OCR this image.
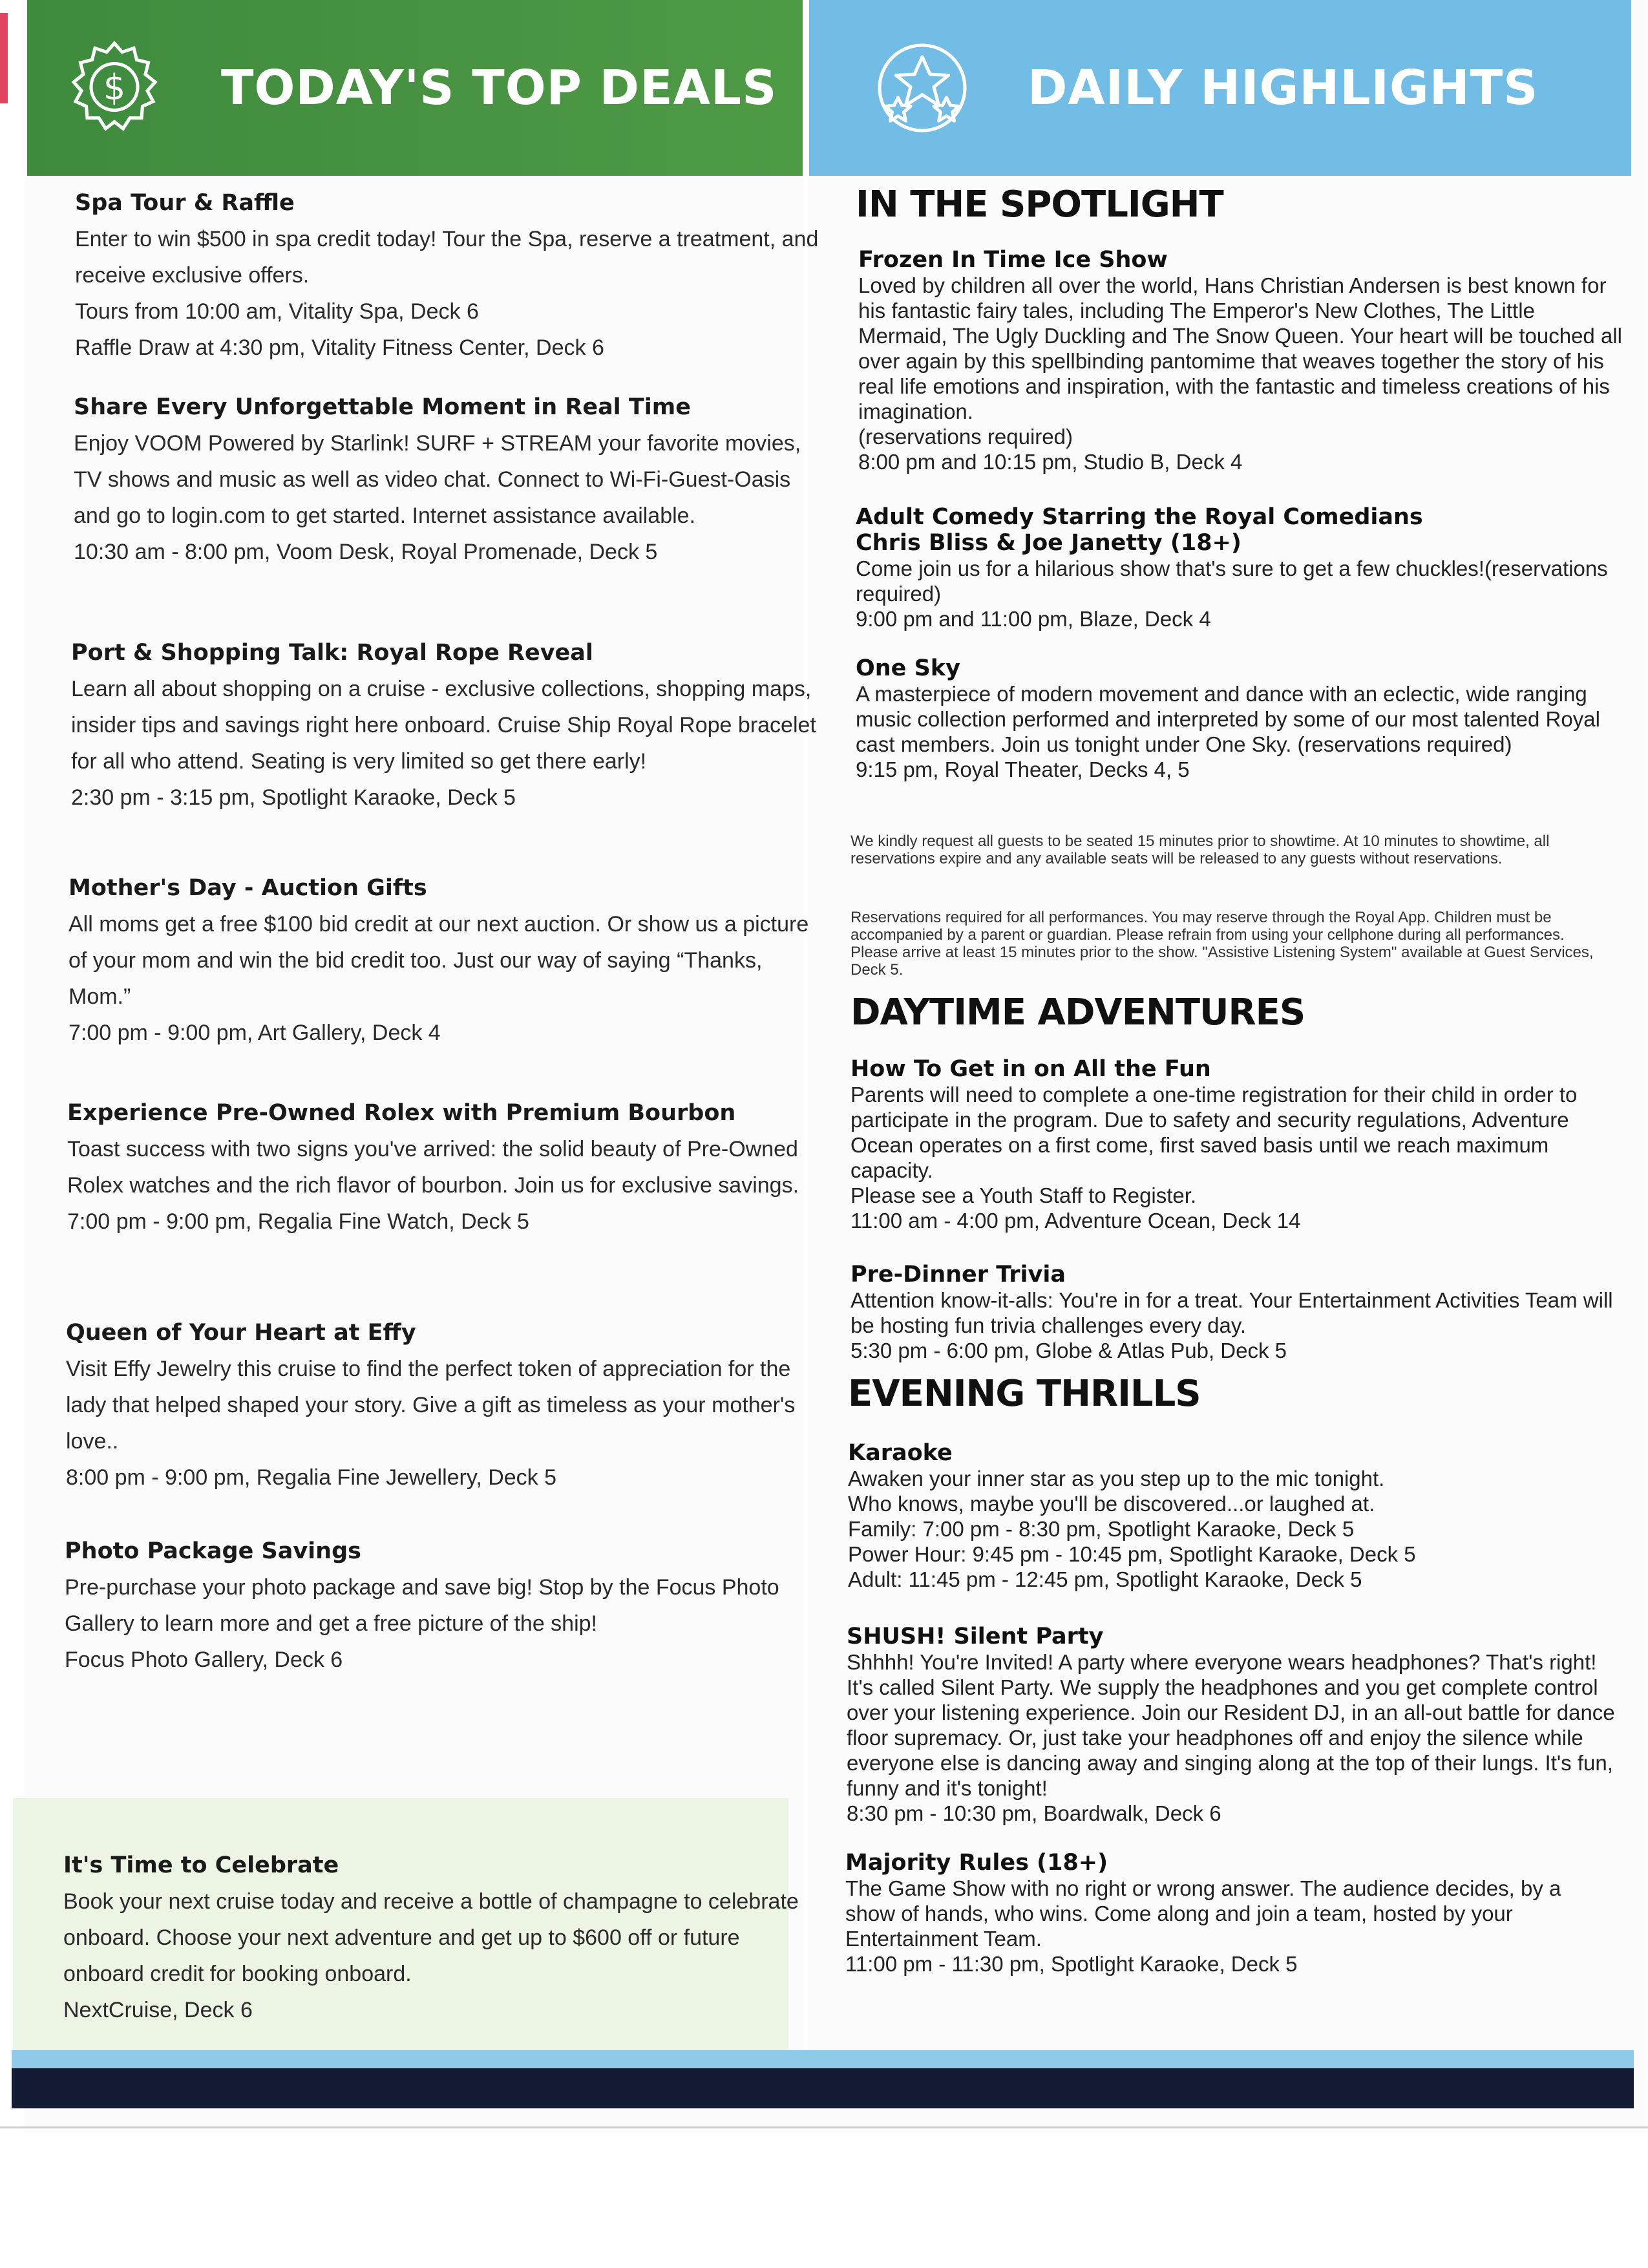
$ TODAY'S TOP DEALS	DAILY HIGHLIGHTS
Spa Tour & Raffle

Enter to win $500 in spa credit today! Tour the Spa, reserve a treatment, and receive exclusive offers.

Tours from 10:00 am, Vitality Spa, Deck 6
Raffle Draw at 4:30 pm, Vitality Fitness Center, Deck 6
Share Every Unforgettable Moment in Real Time

Enjoy VOOM Powered by Starlink! SURF + STREAM your favorite movies, TV shows and music as well as video chat. Connect to Wi-Fi-Guest-Oasis and go to login.com to get started. Internet assistance available.

10:30 am - 8:00 pm, Voom Desk, Royal Promenade, Deck 5
Port & Shopping Talk: Royal Rope Reveal

Learn all about shopping on a cruise - exclusive collections, shopping maps, insider tips and savings right here onboard. Cruise Ship Royal Rope bracelet for all who attend. Seating is very limited so get there early!

2:30 pm - 3:15 pm, Spotlight Karaoke, Deck 5
Mother's Day - Auction Gifts

All moms get a free $100 bid credit at our next auction. Or show us a picture of your mom and win the bid credit too. Just our way of saying “Thanks, Mom.”

7:00 pm - 9:00 pm, Art Gallery, Deck 4
Experience Pre-Owned Rolex with Premium Bourbon

Toast success with two signs you've arrived: the solid beauty of Pre-Owned Rolex watches and the rich flavor of bourbon. Join us for exclusive savings.

7:00 pm - 9:00 pm, Regalia Fine Watch, Deck 5
Queen of Your Heart at Effy

Visit Effy Jewelry this cruise to find the perfect token of appreciation for the lady that helped shaped your story. Give a gift as timeless as your mother's love..

8:00 pm - 9:00 pm, Regalia Fine Jewellery, Deck 5
Photo Package Savings

Pre-purchase your photo package and save big! Stop by the Focus Photo Gallery to learn more and get a free picture of the ship!

Focus Photo Gallery, Deck 6
It's Time to Celebrate

Book your next cruise today and receive a bottle of champagne to celebrate onboard. Choose your next adventure and get up to $600 off or future onboard credit for booking onboard.

NextCruise, Deck 6
IN THE SPOTLIGHT
Frozen In Time Ice Show

Loved by children all over the world, Hans Christian Andersen is best known for his fantastic fairy tales, including The Emperor's New Clothes, The Little Mermaid, The Ugly Duckling and The Snow Queen. Your heart will be touched all over again by this spellbinding pantomime that weaves together the story of his real life emotions and inspiration, with the fantastic and timeless creations of his imagination.

(reservations required)

8:00 pm and 10:15 pm, Studio B, Deck 4

Adult Comedy Starring the Royal Comedians
Chris Bliss & Joe Janetty (18+)

Come join us for a hilarious show that's sure to get a few chuckles!(reservations required)

9:00 pm and 11:00 pm, Blaze, Deck 4

One Sky

A masterpiece of modern movement and dance with an eclectic, wide ranging music collection performed and interpreted by some of our most talented Royal cast members. Join us tonight under One Sky. (reservations required)

9:15 pm, Royal Theater, Decks 4, 5

We kindly request all guests to be seated 15 minutes prior to showtime. At 10 minutes to showtime, all reservations expire and any available seats will be released to any guests without reservations.
Reservations required for all performances. You may reserve through the Royal App. Children must be accompanied by a parent or guardian. Please refrain from using your cellphone during all performances. Please arrive at least 15 minutes prior to the show. "Assistive Listening System" available at Guest Services, Deck 5.
DAYTIME ADVENTURES
How To Get in on All the Fun

Parents will need to complete a one-time registration for their child in order to participate in the program. Due to safety and security regulations, Adventure Ocean operates on a first come, first saved basis until we reach maximum capacity.

Please see a Youth Staff to Register.

11:00 am - 4:00 pm, Adventure Ocean, Deck 14

Pre-Dinner Trivia

Attention know-it-alls: You're in for a treat. Your Entertainment Activities Team will be hosting fun trivia challenges every day.

5:30 pm - 6:00 pm, Globe & Atlas Pub, Deck 5

EVENING THRILLS
Karaoke

Awaken your inner star as you step up to the mic tonight.

Who knows, maybe you'll be discovered...or laughed at.

Family: 7:00 pm - 8:30 pm, Spotlight Karaoke, Deck 5

Power Hour: 9:45 pm - 10:45 pm, Spotlight Karaoke, Deck 5

Adult: 11:45 pm - 12:45 pm, Spotlight Karaoke, Deck 5

SHUSH! Silent Party

Shhhh! You're Invited! A party where everyone wears headphones? That's right! It's called Silent Party. We supply the headphones and you get complete control over your listening experience. Join our Resident DJ, in an all-out battle for dance floor supremacy. Or, just take your headphones off and enjoy the silence while everyone else is dancing away and singing along at the top of their lungs. It's fun, funny and it's tonight!

8:30 pm - 10:30 pm, Boardwalk, Deck 6

Majority Rules (18+)

The Game Show with no right or wrong answer. The audience decides, by a show of hands, who wins. Come along and join a team, hosted by your Entertainment Team.

11:00 pm - 11:30 pm, Spotlight Karaoke, Deck 5
